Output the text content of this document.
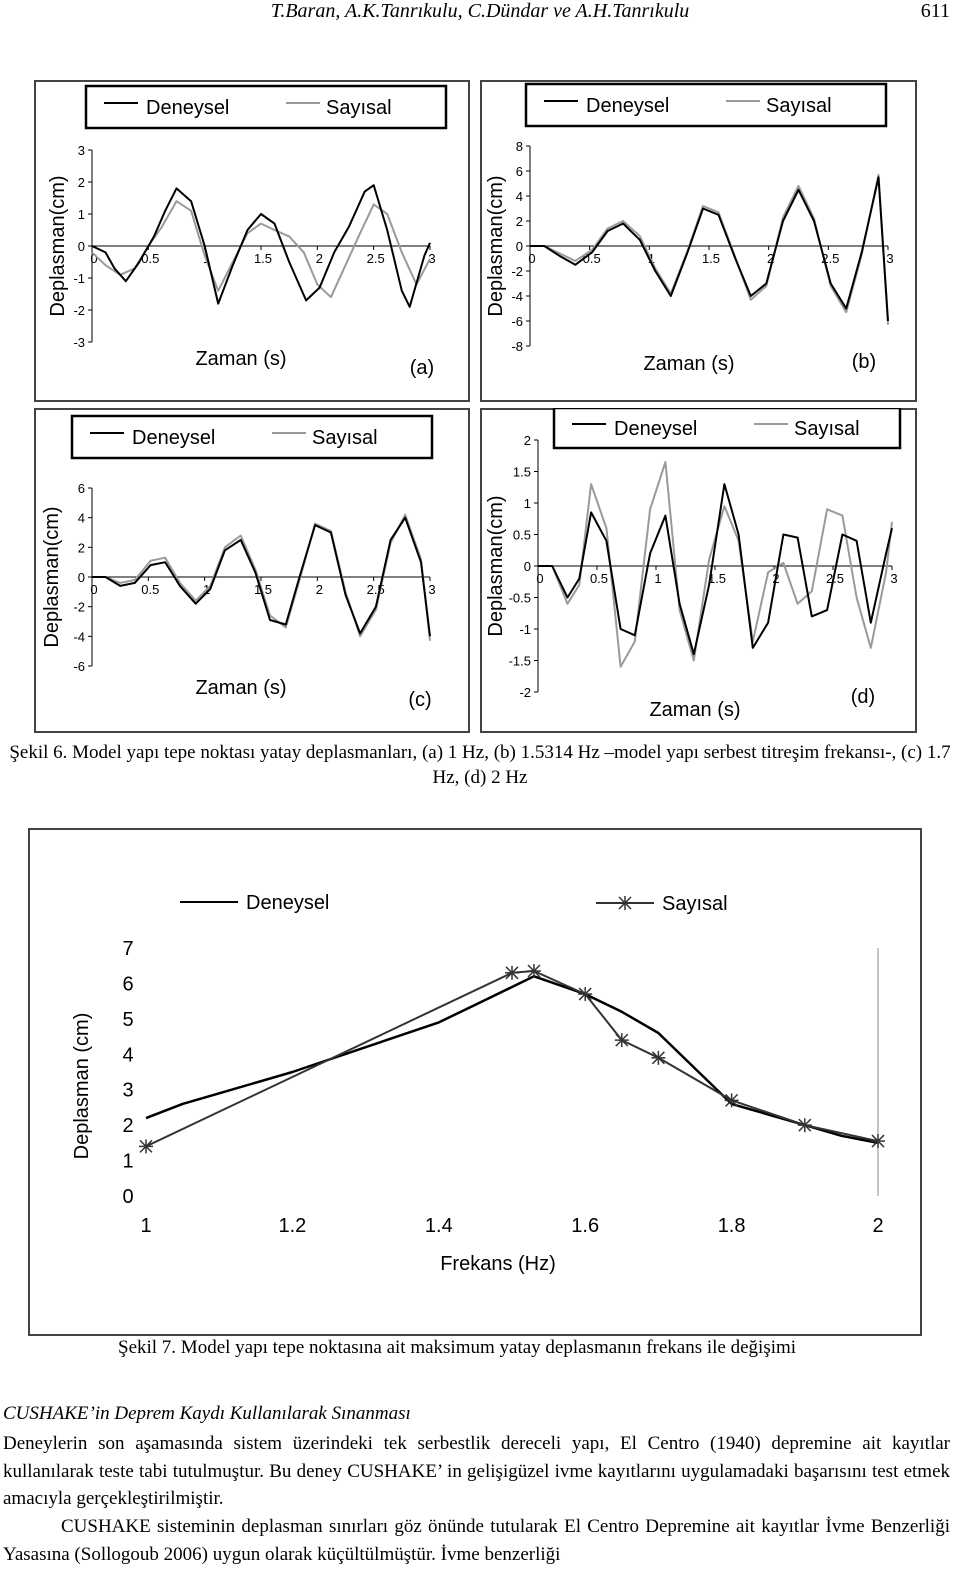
T.Baran, A.K.Tanrıkulu, C.Dündar ve A.H.Tanrıkulu	611
Deneysel	Sayısal
3
2
1
0
-1
-2
-3
0	0.5	1	1.5	2	2.5	3
Zaman (s)
Deplasman(cm)
(a)
Deneysel	Sayısal
8
6
4
2
0
-2
-4
-6
-8
0	0.5	1	1.5	2	2.5	3
Zaman (s)
Deplasman(cm)
(b)
Deneysel	Sayısal
6
4
2
0
-2
-4
-6
0	0.5	1	1.5	2	2.5	3
Zaman (s)
Deplasman(cm)
(c)
Deneysel	Sayısal
2
1.5
1
0.5
0
-0.5
-1
-1.5
-2
0	0.5	1	1.5	2	2.5	3
Zaman (s)
Deplasman(cm)
(d)
Şekil 6. Model yapı tepe noktası yatay deplasmanları, (a) 1 Hz, (b) 1.5314 Hz –model yapı serbest titreşim frekansı-, (c) 1.7 Hz, (d) 2 Hz
Deneysel	Sayısal
0
1
2
3
4
5
6
7
1	1.2	1.4	1.6	1.8	2
Frekans (Hz)
Deplasman (cm)
Şekil 7. Model yapı tepe noktasına ait maksimum yatay deplasmanın frekans ile değişimi
CUSHAKE’in Deprem Kaydı Kullanılarak Sınanması
Deneylerin son aşamasında sistem üzerindeki tek serbestlik dereceli yapı, El Centro (1940) depremine ait kayıtlar kullanılarak teste tabi tutulmuştur. Bu deney CUSHAKE’ in gelişigüzel ivme kayıtlarını uygulamadaki başarısını test etmek amacıyla gerçekleştirilmiştir.
CUSHAKE sisteminin deplasman sınırları göz önünde tutularak El Centro Depremine ait kayıtlar İvme Benzerliği Yasasına (Sollogoub 2006) uygun olarak küçültülmüştür. İvme benzerliği
